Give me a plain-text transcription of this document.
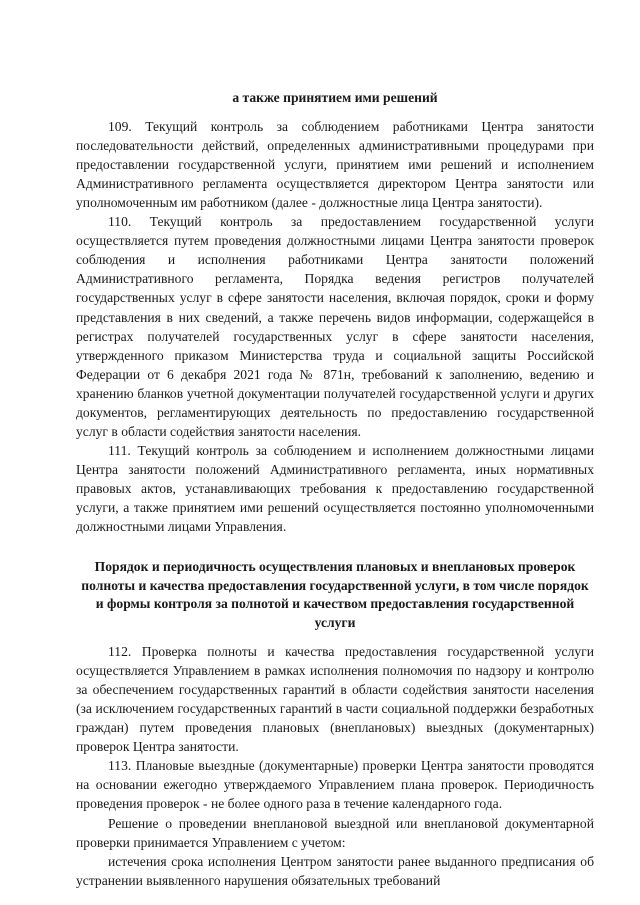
а также принятием ими решений

109. Текущий контроль за соблюдением работниками Центра занятости последовательности действий, определенных административными процедурами при предоставлении государственной услуги, принятием ими решений и исполнением Административного регламента осуществляется директором Центра занятости или уполномоченным им работником (далее - должностные лица Центра занятости).

110. Текущий контроль за предоставлением государственной услуги осуществляется путем проведения должностными лицами Центра занятости проверок соблюдения и исполнения работниками Центра занятости положений Административного регламента, Порядка ведения регистров получателей государственных услуг в сфере занятости населения, включая порядок, сроки и форму представления в них сведений, а также перечень видов информации, содержащейся в регистрах получателей государственных услуг в сфере занятости населения, утвержденного приказом Министерства труда и социальной защиты Российской Федерации от 6 декабря 2021 года № 871н, требований к заполнению, ведению и хранению бланков учетной документации получателей государственной услуги и других документов, регламентирующих деятельность по предоставлению государственной услуг в области содействия занятости населения.

111. Текущий контроль за соблюдением и исполнением должностными лицами Центра занятости положений Административного регламента, иных нормативных правовых актов, устанавливающих требования к предоставлению государственной услуги, а также принятием ими решений осуществляется постоянно уполномоченными должностными лицами Управления.

Порядок и периодичность осуществления плановых и внеплановых проверок полноты и качества предоставления государственной услуги, в том числе порядок и формы контроля за полнотой и качеством предоставления государственной услуги

112. Проверка полноты и качества предоставления государственной услуги осуществляется Управлением в рамках исполнения полномочия по надзору и контролю за обеспечением государственных гарантий в области содействия занятости населения (за исключением государственных гарантий в части социальной поддержки безработных граждан) путем проведения плановых (внеплановых) выездных (документарных) проверок Центра занятости.

113. Плановые выездные (документарные) проверки Центра занятости проводятся на основании ежегодно утверждаемого Управлением плана проверок. Периодичность проведения проверок - не более одного раза в течение календарного года.

Решение о проведении внеплановой выездной или внеплановой документарной проверки принимается Управлением с учетом:

истечения срока исполнения Центром занятости ранее выданного предписания об устранении выявленного нарушения обязательных требований
